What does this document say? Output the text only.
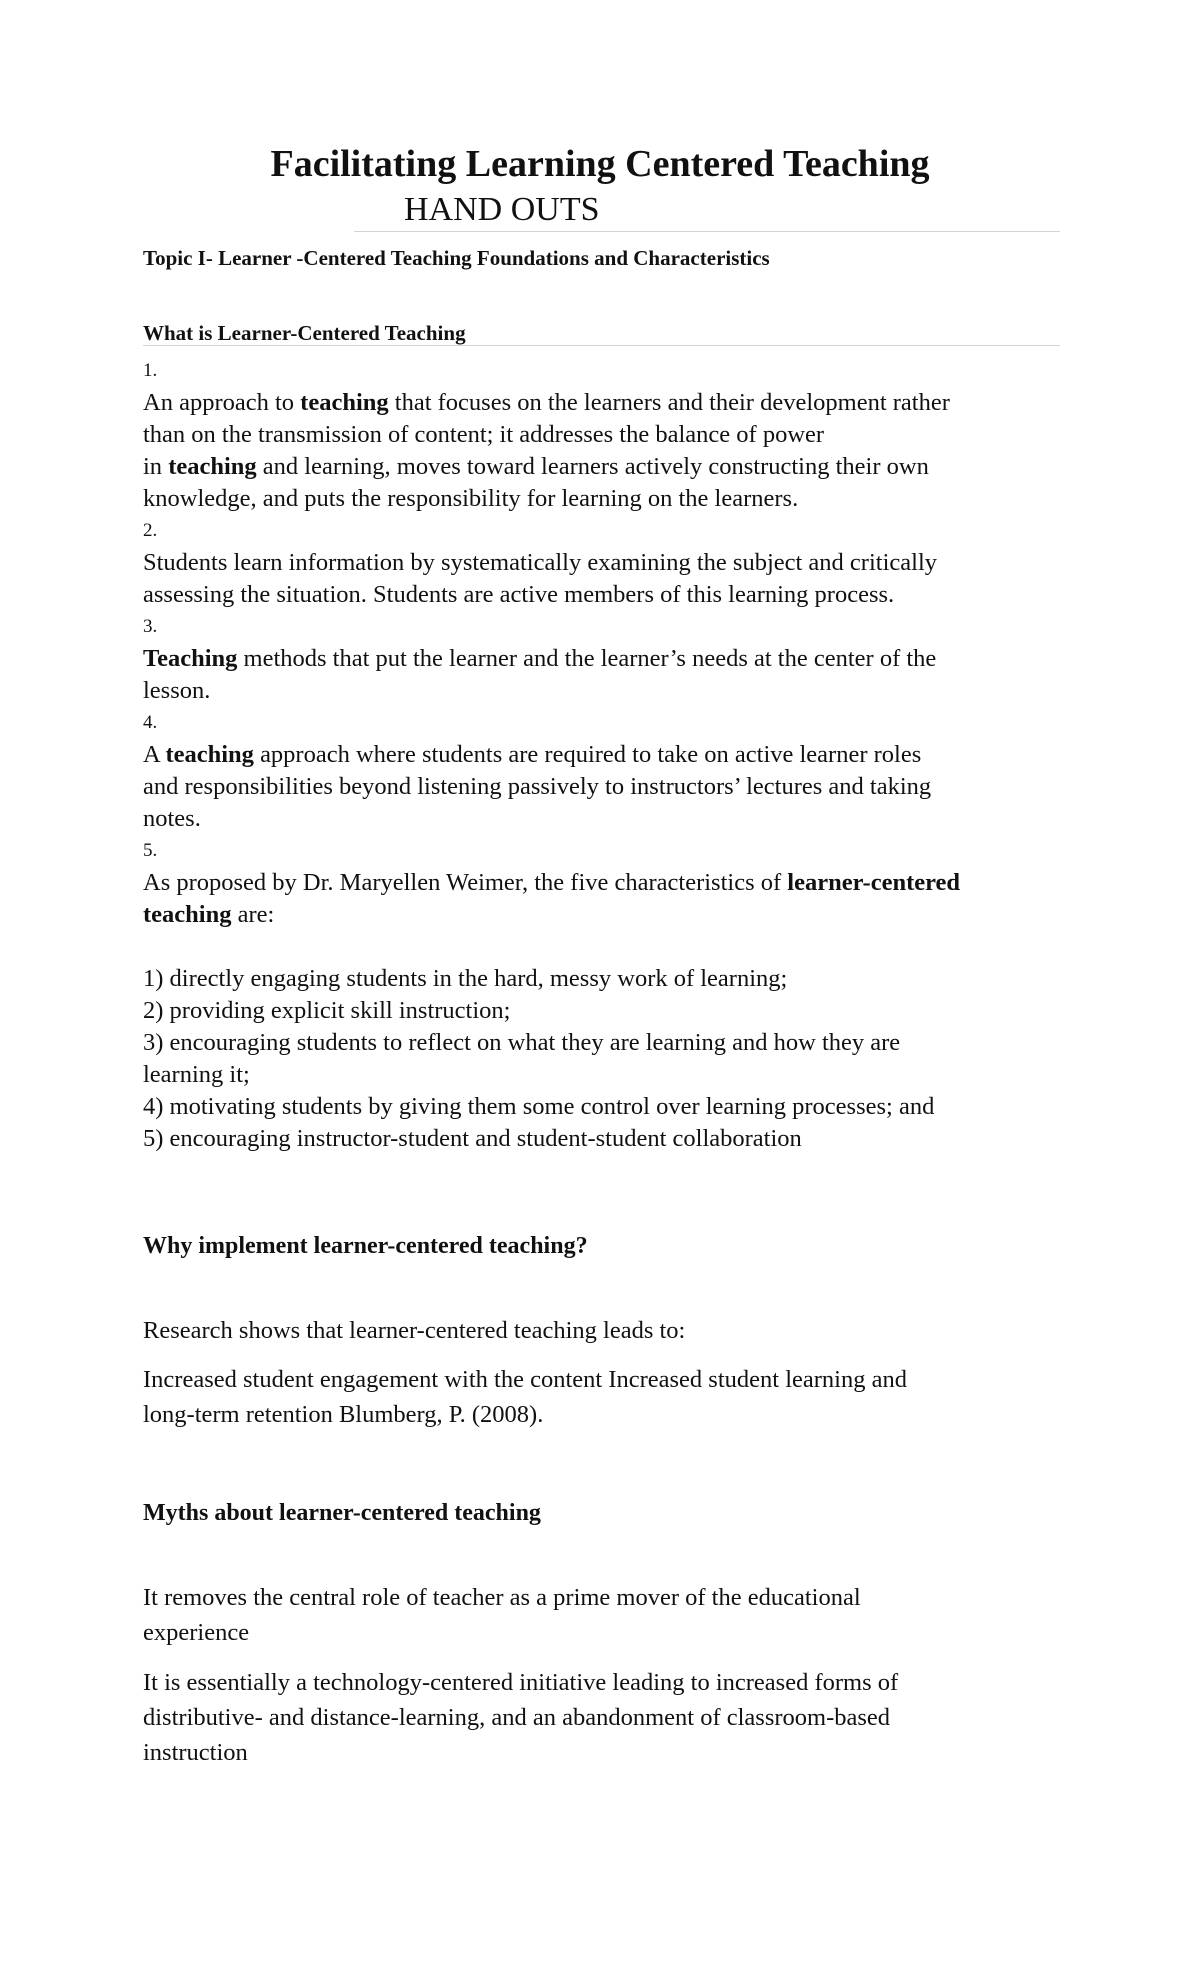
Facilitating Learning Centered Teaching
HAND OUTS
Topic I- Learner -Centered Teaching Foundations and Characteristics
What is Learner-Centered Teaching

1.

An approach to teaching that focuses on the learners and their development rather

than on the transmission of content; it addresses the balance of power

in teaching and learning, moves toward learners actively constructing their own

knowledge, and puts the responsibility for learning on the learners.

2.

Students learn information by systematically examining the subject and critically

assessing the situation. Students are active members of this learning process.

3.

Teaching methods that put the learner and the learner’s needs at the center of the

lesson.

4.

A teaching approach where students are required to take on active learner roles

and responsibilities beyond listening passively to instructors’ lectures and taking

notes.

5.

As proposed by Dr. Maryellen Weimer, the five characteristics of learner-centered

teaching are:

1) directly engaging students in the hard, messy work of learning;

2) providing explicit skill instruction;

3) encouraging students to reflect on what they are learning and how they are

learning it;

4) motivating students by giving them some control over learning processes; and

5) encouraging instructor-student and student-student collaboration

Why implement learner-centered teaching?
Research shows that learner-centered teaching leads to:
Increased student engagement with the content Increased student learning and
long-term retention Blumberg, P. (2008).
Myths about learner-centered teaching
It removes the central role of teacher as a prime mover of the educational
experience
It is essentially a technology-centered initiative leading to increased forms of
distributive- and distance-learning, and an abandonment of classroom-based
instruction
